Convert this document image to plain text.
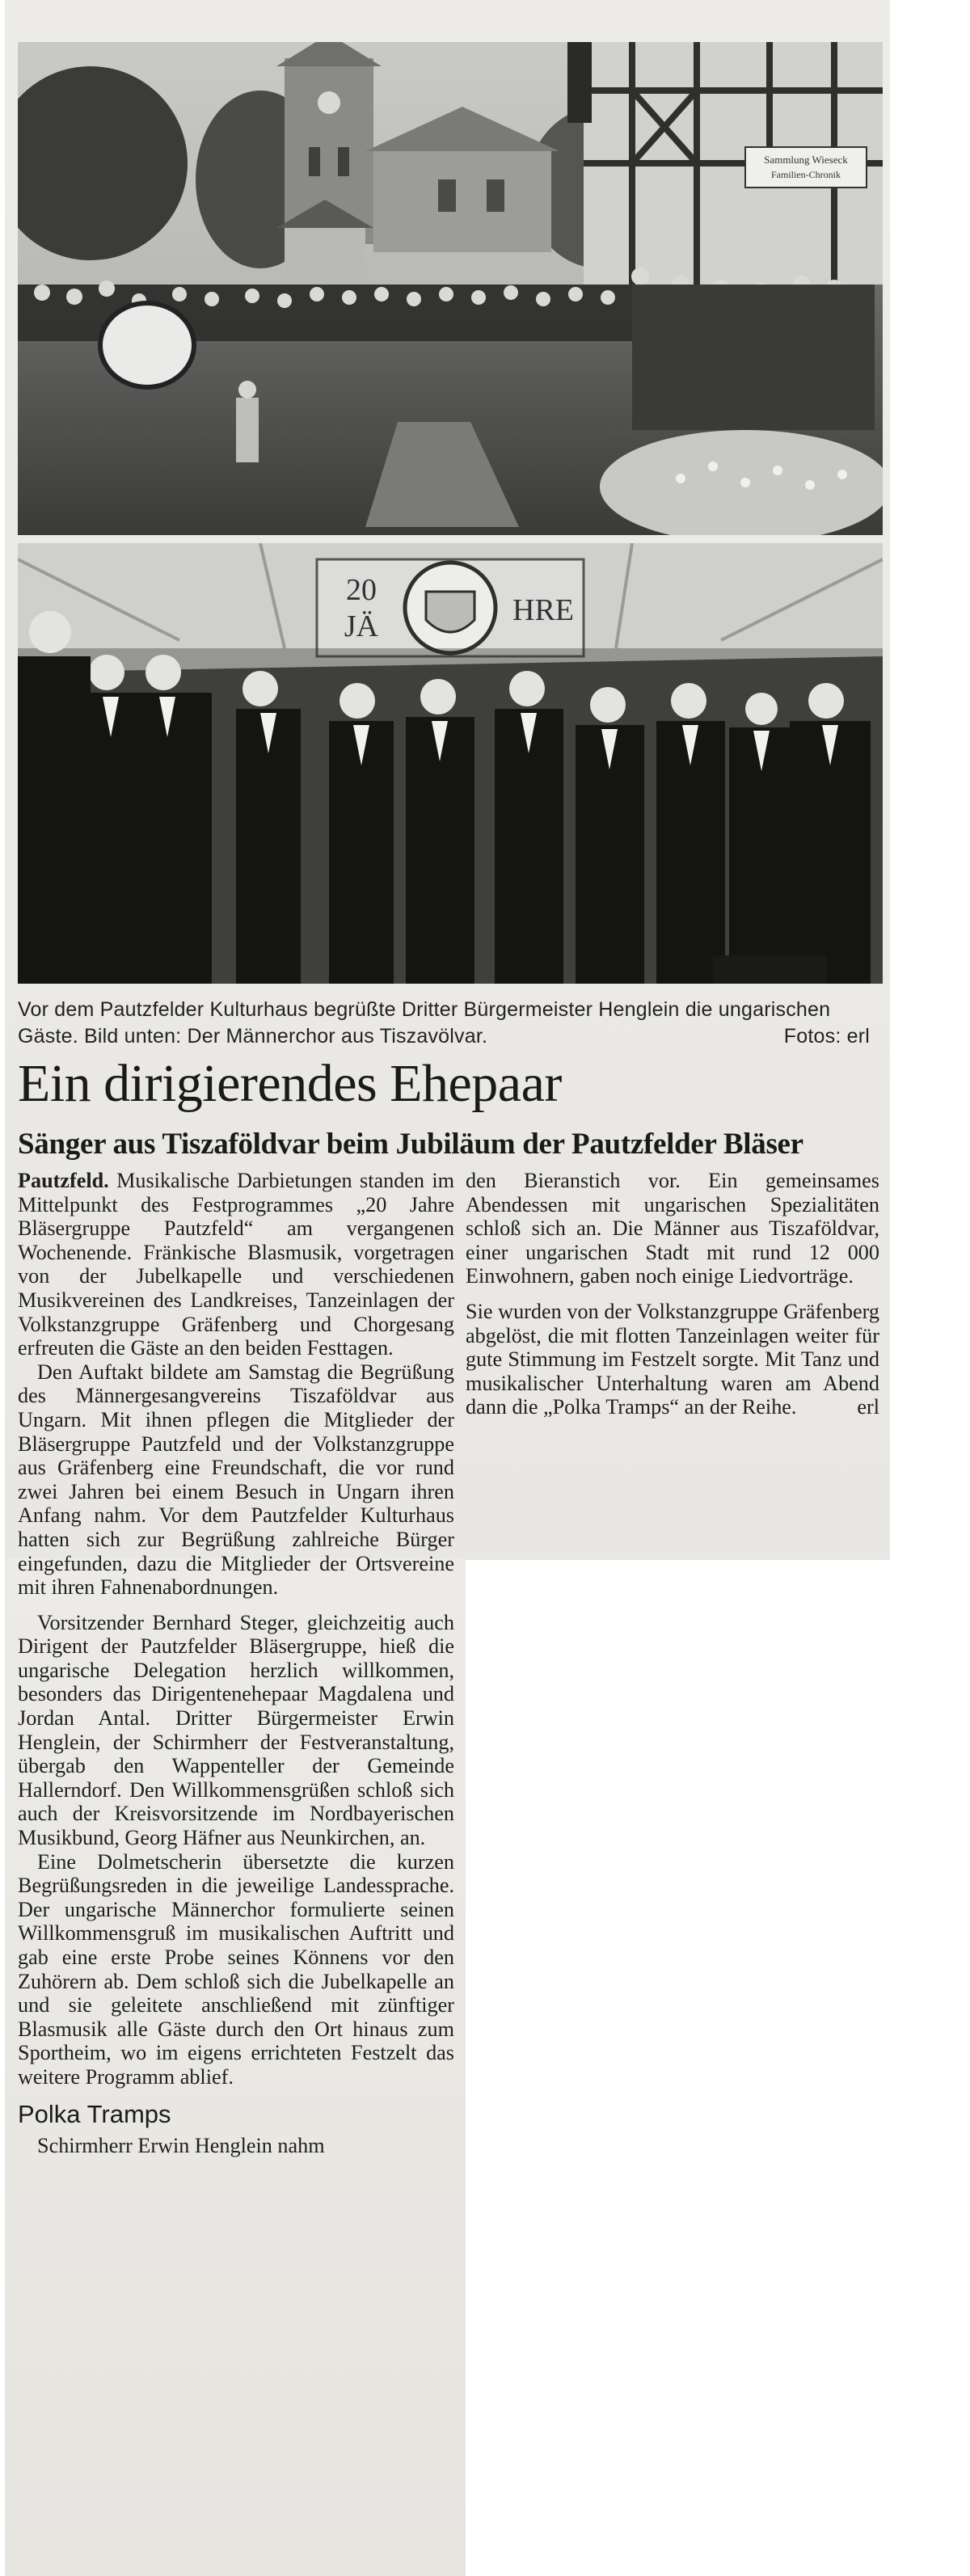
Sammlung Wieseck
Familien-Chronik
20
JÄ	HRE
Vor dem Pautzfelder Kulturhaus begrüßte Dritter Bürgermeister Henglein die ungarischen Gäste. Bild unten: Der Männerchor aus Tiszavölvar.	Fotos: erl
Ein dirigierendes Ehepaar
Sänger aus Tiszaföldvar beim Jubiläum der Pautzfelder Bläser

Pautzfeld. Musikalische Darbietungen standen im Mittelpunkt des Festprogrammes „20 Jahre Bläsergruppe Pautzfeld“ am vergangenen Wochenende. Fränkische Blasmusik, vorgetragen von der Jubelkapelle und verschiedenen Musikvereinen des Landkreises, Tanzeinlagen der Volkstanzgruppe Gräfenberg und Chorgesang erfreuten die Gäste an den beiden Festtagen.

Den Auftakt bildete am Samstag die Begrüßung des Männergesangvereins Tiszaföldvar aus Ungarn. Mit ihnen pflegen die Mitglieder der Bläsergruppe Pautzfeld und der Volkstanzgruppe aus Gräfenberg eine Freundschaft, die vor rund zwei Jahren bei einem Besuch in Ungarn ihren Anfang nahm. Vor dem Pautzfelder Kulturhaus hatten sich zur Begrüßung zahlreiche Bürger eingefunden, dazu die Mitglieder der Ortsvereine mit ihren Fahnenabordnungen.

Vorsitzender Bernhard Steger, gleichzeitig auch Dirigent der Pautzfelder Bläsergruppe, hieß die ungarische Delegation herzlich willkommen, besonders das Dirigentenehepaar Magdalena und Jordan Antal. Dritter Bürgermeister Erwin Henglein, der Schirmherr der Festveranstaltung, übergab den Wappenteller der Gemeinde Hallerndorf. Den Willkommensgrüßen schloß sich auch der Kreisvorsitzende im Nordbayerischen Musikbund, Georg Häfner aus Neunkirchen, an.

Eine Dolmetscherin übersetzte die kurzen Begrüßungsreden in die jeweilige Landessprache. Der ungarische Männerchor formulierte seinen Willkommensgruß im musikalischen Auftritt und gab eine erste Probe seines Könnens vor den Zuhörern ab. Dem schloß sich die Jubelkapelle an und sie geleitete anschließend mit zünftiger Blasmusik alle Gäste durch den Ort hinaus zum Sportheim, wo im eigens errichteten Festzelt das weitere Programm ablief.

Polka Tramps

Schirmherr Erwin Henglein nahm

den Bieranstich vor. Ein gemeinsames Abendessen mit ungarischen Spezialitäten schloß sich an. Die Männer aus Tiszaföldvar, einer ungarischen Stadt mit rund 12 000 Einwohnern, gaben noch einige Liedvorträge.

Sie wurden von der Volkstanzgruppe Gräfenberg abgelöst, die mit flotten Tanzeinlagen weiter für gute Stimmung im Festzelt sorgte. Mit Tanz und musikalischer Unterhaltung waren am Abend dann die „Polka Tramps“ an der Reihe.	erl
